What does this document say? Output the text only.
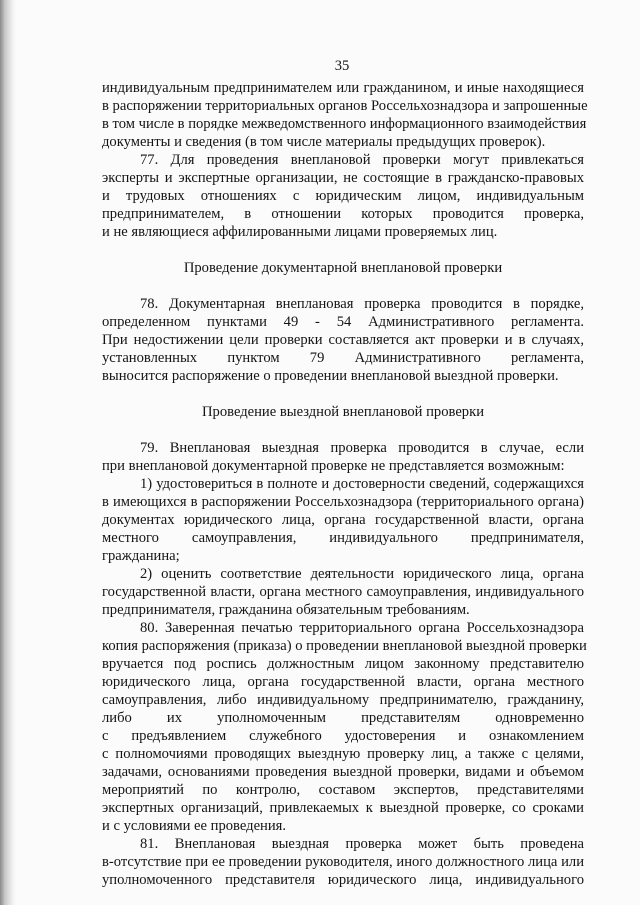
35
индивидуальным предпринимателем или гражданином, и иные находящиеся
в распоряжении территориальных органов Россельхознадзора и запрошенные
в том числе в порядке межведомственного информационного взаимодействия
документы и сведения (в том числе материалы предыдущих проверок).
77. Для проведения внеплановой проверки могут привлекаться
эксперты и экспертные организации, не состоящие в гражданско-правовых
и трудовых отношениях с юридическим лицом, индивидуальным
предпринимателем, в отношении которых проводится проверка,
и не являющиеся аффилированными лицами проверяемых лиц.
Проведение документарной внеплановой проверки
78. Документарная внеплановая проверка проводится в порядке,
определенном пунктами 49 - 54 Административного регламента.
При недостижении цели проверки составляется акт проверки и в случаях,
установленных пунктом 79 Административного регламента,
выносится распоряжение о проведении внеплановой выездной проверки.
Проведение выездной внеплановой проверки
79. Внеплановая выездная проверка проводится в случае, если
при внеплановой документарной проверке не представляется возможным:
1) удостовериться в полноте и достоверности сведений, содержащихся
в имеющихся в распоряжении Россельхознадзора (территориального органа)
документах юридического лица, органа государственной власти, органа
местного самоуправления, индивидуального предпринимателя,
гражданина;
2) оценить соответствие деятельности юридического лица, органа
государственной власти, органа местного самоуправления, индивидуального
предпринимателя, гражданина обязательным требованиям.
80. Заверенная печатью территориального органа Россельхознадзора
копия распоряжения (приказа) о проведении внеплановой выездной проверки
вручается под роспись должностным лицом законному представителю
юридического лица, органа государственной власти, органа местного
самоуправления, либо индивидуальному предпринимателю, гражданину,
либо их уполномоченным представителям одновременно
с предъявлением служебного удостоверения и ознакомлением
с полномочиями проводящих выездную проверку лиц, а также с целями,
задачами, основаниями проведения выездной проверки, видами и объемом
мероприятий по контролю, составом экспертов, представителями
экспертных организаций, привлекаемых к выездной проверке, со сроками
и с условиями ее проведения.
81. Внеплановая выездная проверка может быть проведена
в-отсутствие при ее проведении руководителя, иного должностного лица или
уполномоченного представителя юридического лица, индивидуального
